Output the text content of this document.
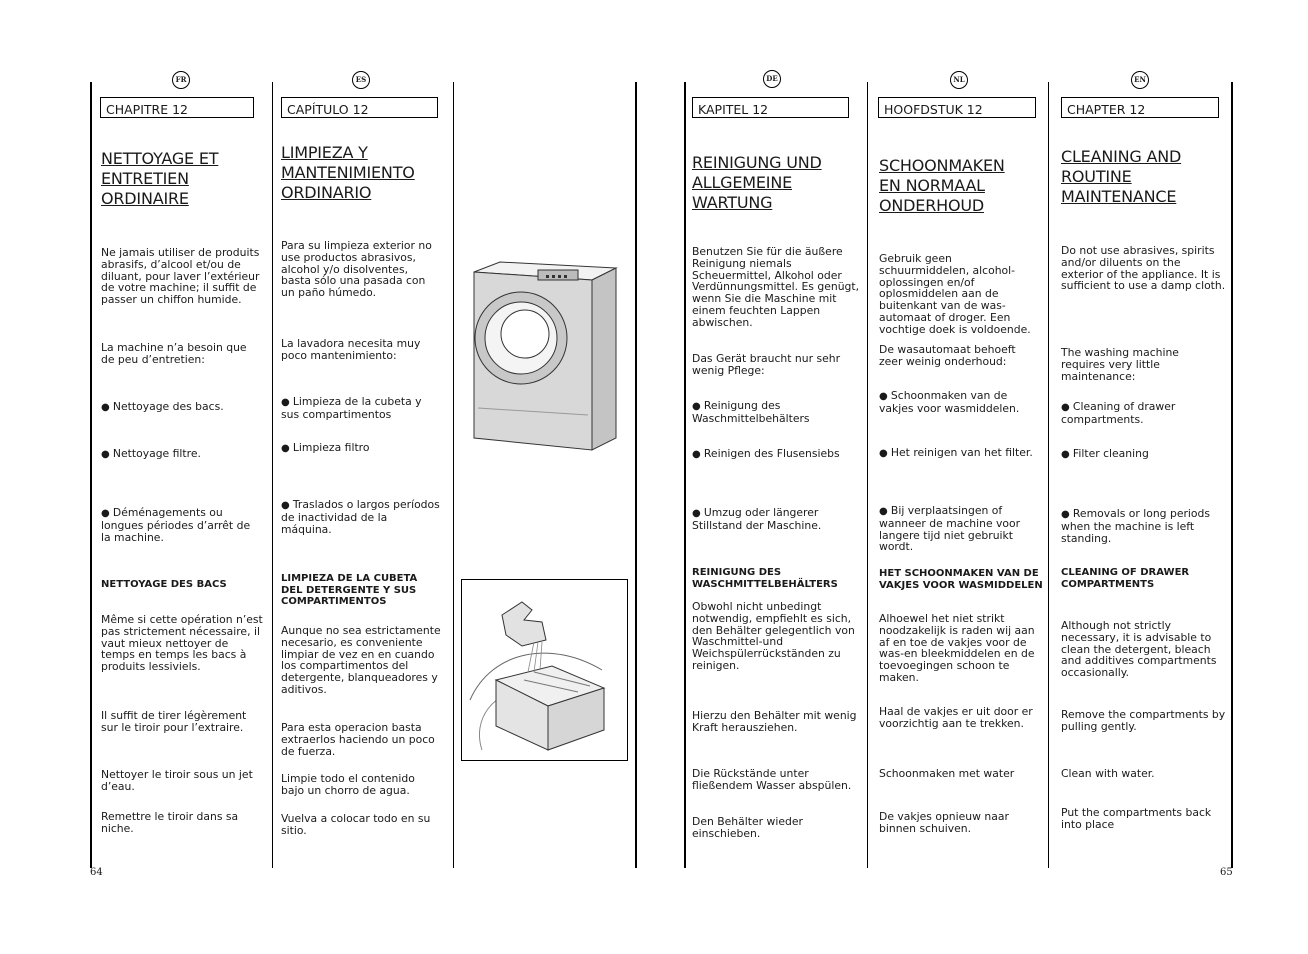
FR
CHAPITRE 12
NETTOYAGE ET
ENTRETIEN
ORDINAIRE
Ne jamais utiliser de produits abrasifs, d’alcool et/ou de diluant, pour laver l’extérieur de votre machine; il suffit de passer un chiffon humide.
La machine n’a besoin que de peu d’entretien:
● Nettoyage des bacs.
● Nettoyage filtre.
● Déménagements ou longues périodes d’arrêt de la machine.
NETTOYAGE DES BACS
Même si cette opération n’est pas strictement nécessaire, il vaut mieux nettoyer de temps en temps les bacs à produits lessiviels.
Il suffit de tirer légèrement sur le tiroir pour l’extraire.
Nettoyer le tiroir sous un jet d’eau.
Remettre le tiroir dans sa niche.
ES
CAPÍTULO 12
LIMPIEZA Y
MANTENIMIENTO
ORDINARIO
Para su limpieza exterior no use productos abrasivos, alcohol y/o disolventes, basta sólo una pasada con un paño húmedo.
La lavadora necesita muy poco mantenimiento:
● Limpieza de la cubeta y sus compartimentos
● Limpieza filtro
● Traslados o largos períodos de inactividad de la máquina.
LIMPIEZA DE LA CUBETA DEL DETERGENTE Y SUS COMPARTIMENTOS
Aunque no sea estrictamente necesario, es conveniente limpiar de vez en en cuando los compartimentos del detergente, blanqueadores y aditivos.
Para esta operacion basta extraerlos haciendo un poco de fuerza.
Limpie todo el contenido bajo un chorro de agua.
Vuelva a colocar todo en su sitio.
DE
KAPITEL 12
REINIGUNG UND
ALLGEMEINE
WARTUNG
Benutzen Sie für die äußere Reinigung niemals Scheuermittel, Alkohol oder Verdünnungsmittel. Es genügt, wenn Sie die Maschine mit einem feuchten Lappen abwischen.
Das Gerät braucht nur sehr wenig Pflege:
● Reinigung des Waschmittelbehälters
● Reinigen des Flusensiebs
● Umzug oder längerer Stillstand der Maschine.
REINIGUNG DES WASCHMITTELBEHÄLTERS
Obwohl nicht unbedingt notwendig, empfiehlt es sich, den Behälter gelegentlich von Waschmittel-und Weichspülerrückständen zu reinigen.
Hierzu den Behälter mit wenig Kraft herausziehen.
Die Rückstände unter fließendem Wasser abspülen.
Den Behälter wieder einschieben.
NL
HOOFDSTUK 12
SCHOONMAKEN
EN NORMAAL
ONDERHOUD
Gebruik geen schuurmiddelen, alcohol-oplossingen en/of oplosmiddelen aan de buitenkant van de was-automaat of droger. Een vochtige doek is voldoende.
De wasautomaat behoeft zeer weinig onderhoud:
● Schoonmaken van de vakjes voor wasmiddelen.
● Het reinigen van het filter.
● Bij verplaatsingen of wanneer de machine voor langere tijd niet gebruikt wordt.
HET SCHOONMAKEN VAN DE VAKJES VOOR WASMIDDELEN
Alhoewel het niet strikt noodzakelijk is raden wij aan af en toe de vakjes voor de was-en bleekmiddelen en de toevoegingen schoon te maken.
Haal de vakjes er uit door er voorzichtig aan te trekken.
Schoonmaken met water
De vakjes opnieuw naar binnen schuiven.
EN
CHAPTER 12
CLEANING AND
ROUTINE
MAINTENANCE
Do not use abrasives, spirits and/or diluents on the exterior of the appliance. It is sufficient to use a damp cloth.
The washing machine requires very little maintenance:
● Cleaning of drawer compartments.
● Filter cleaning
● Removals or long periods when the machine is left standing.
CLEANING OF DRAWER COMPARTMENTS
Although not strictly necessary, it is advisable to clean the detergent, bleach and additives compartments occasionally.
Remove the compartments by pulling gently.
Clean with water.
Put the compartments back into place
64	65
